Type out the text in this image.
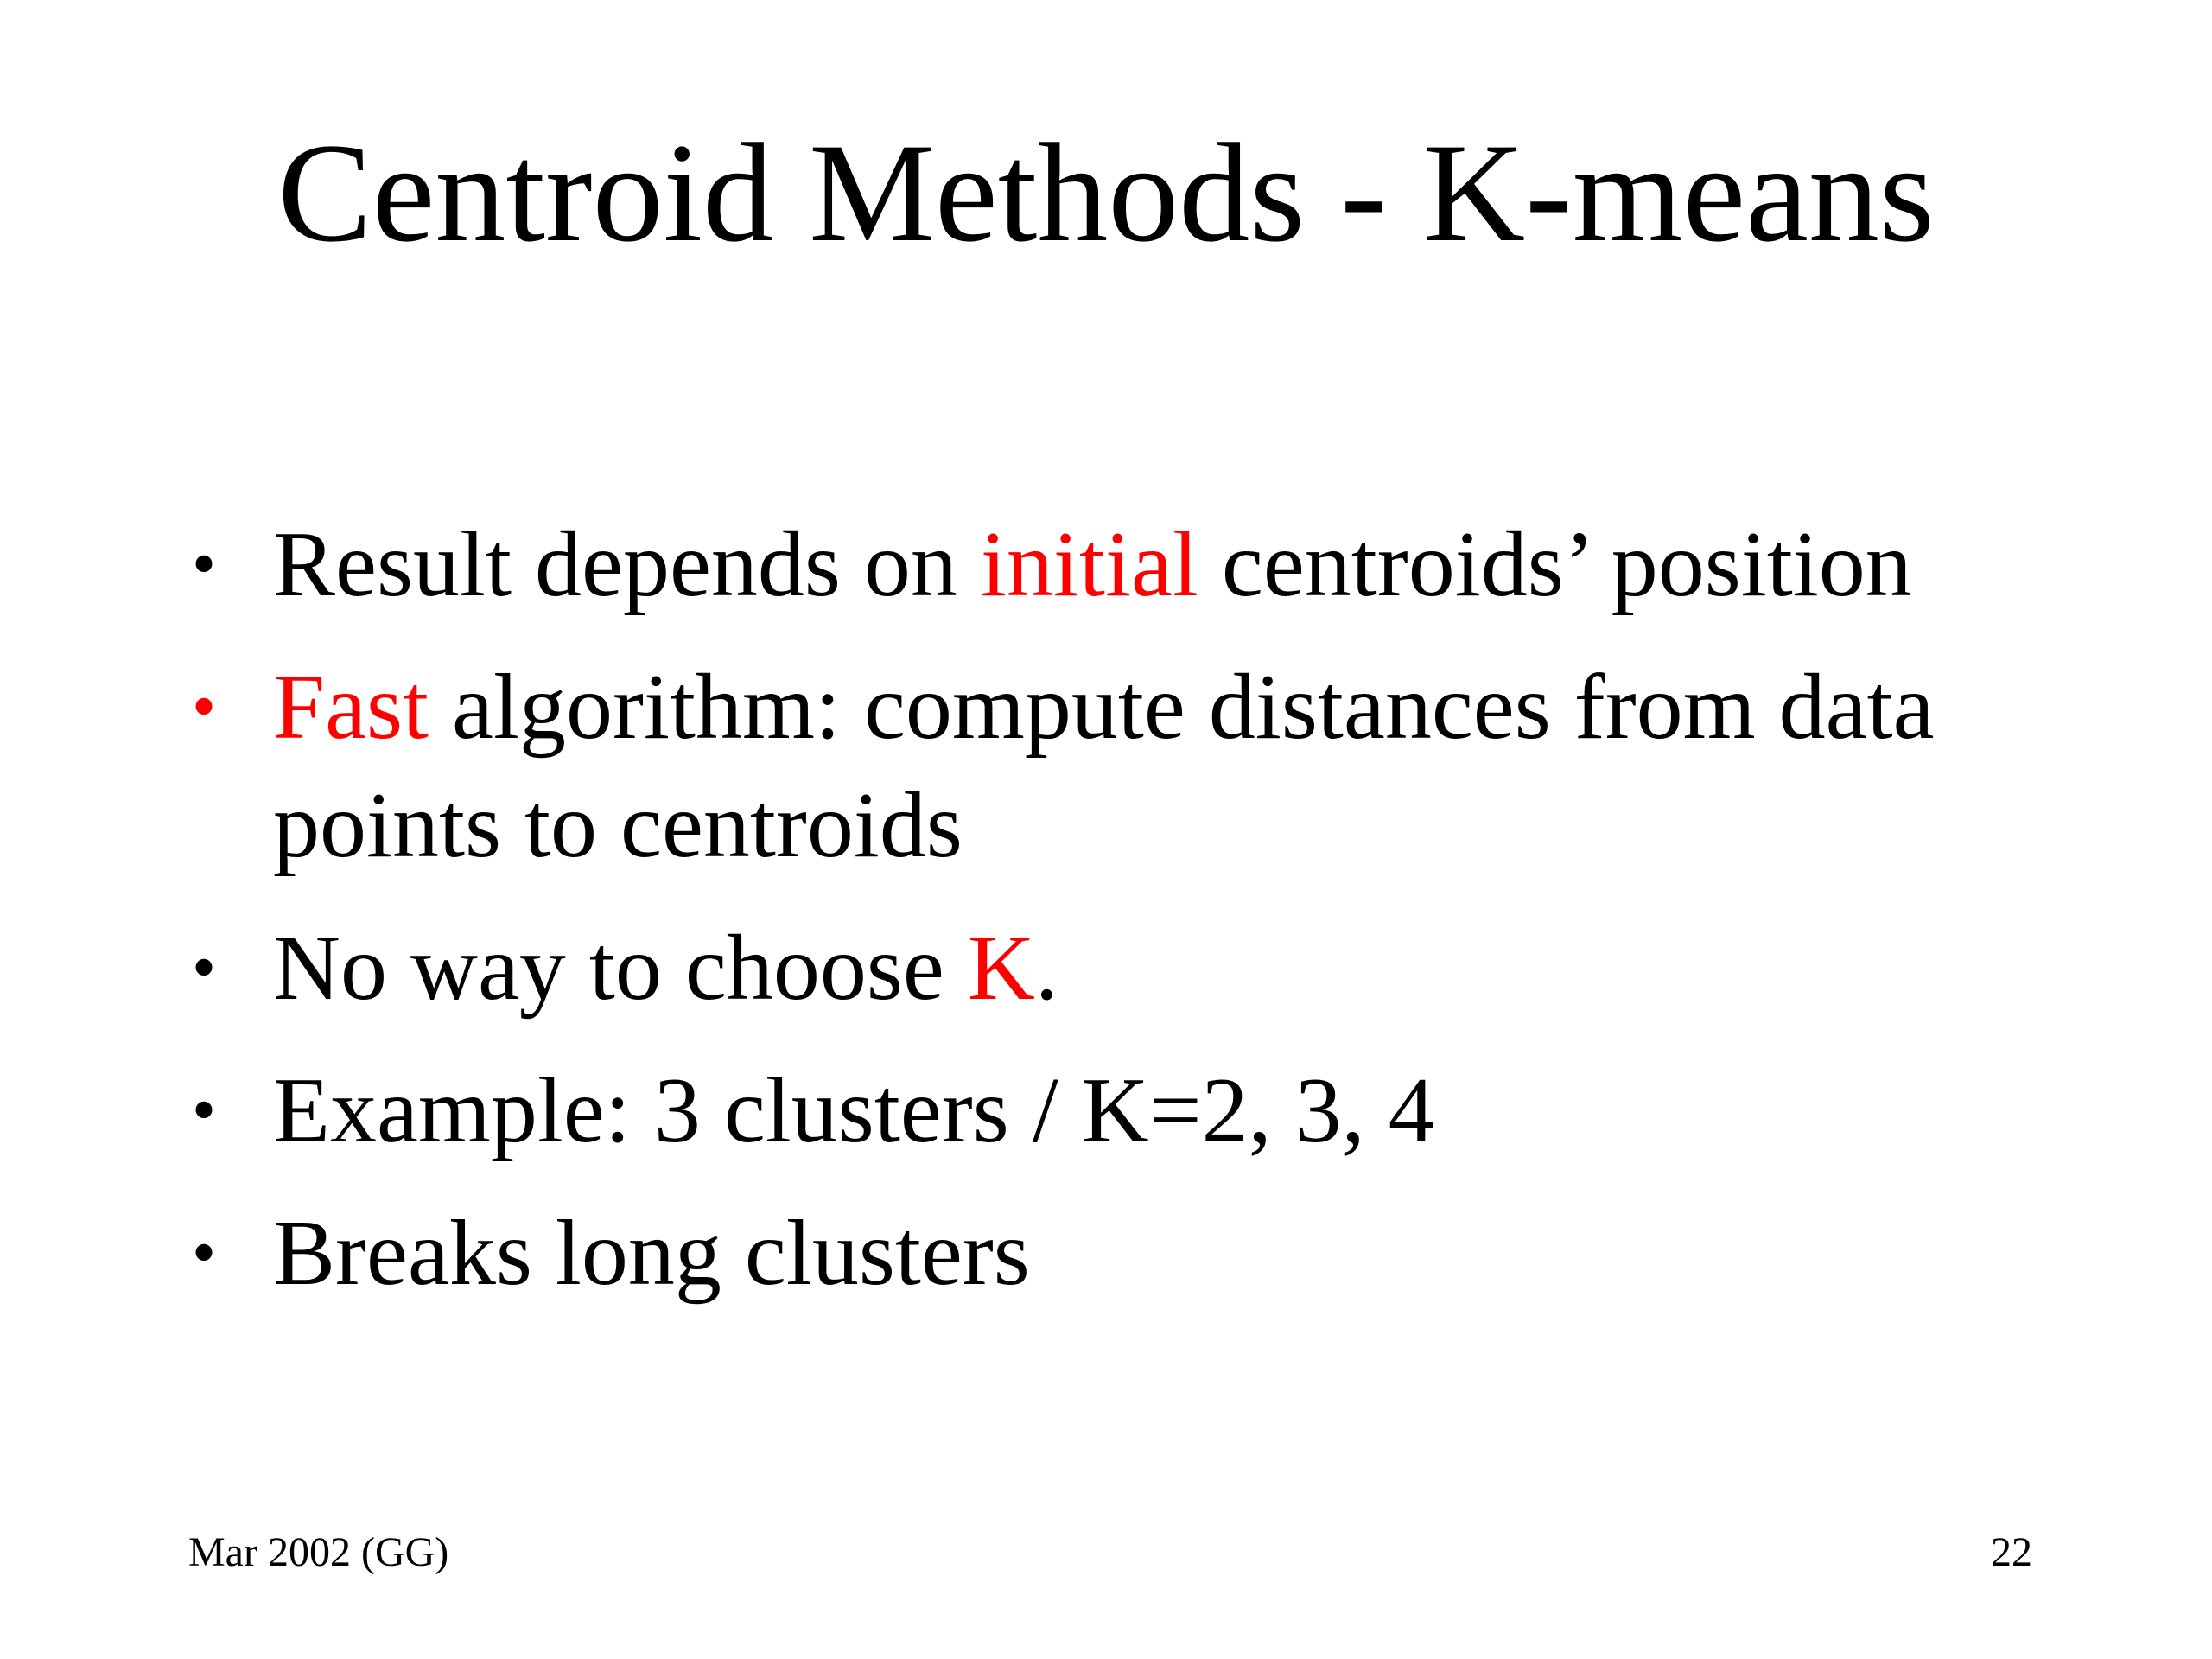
Centroid Methods - K-means
• Result depends on initial centroids’ position
• Fast algorithm: compute distances from data
points to centroids
• No way to choose K.
• Example: 3 clusters / K=2, 3, 4
• Breaks long clusters
Mar 2002 (GG)	22
